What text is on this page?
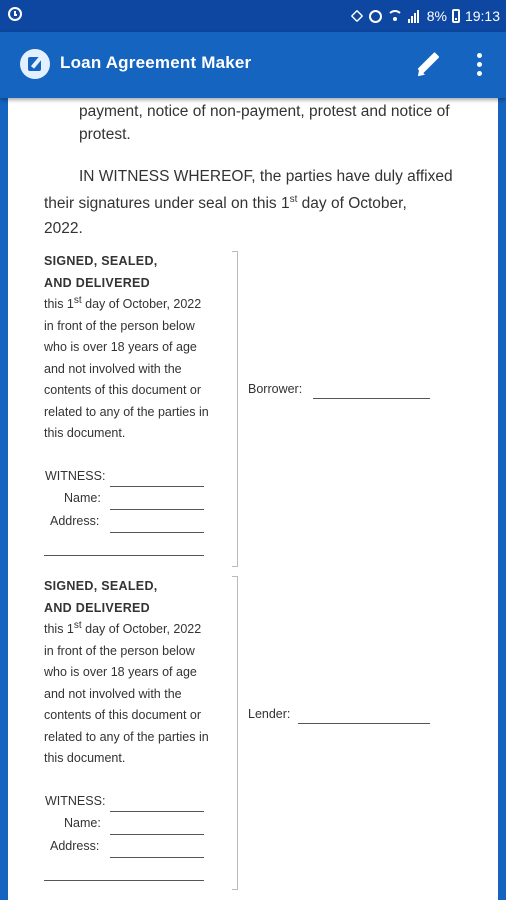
8% 19:13
Loan Agreement Maker
payment, notice of non-payment, protest and notice of protest.
IN WITNESS WHEREOF, the parties have duly affixed
their signatures under seal on this 1st day of October,
2022.
SIGNED, SEALED,
AND DELIVERED
this 1st day of October, 2022
in front of the person below
who is over 18 years of age
and not involved with the
contents of this document or
related to any of the parties in
this document.
WITNESS:
Name:
Address:
Borrower:
SIGNED, SEALED,
AND DELIVERED
this 1st day of October, 2022
in front of the person below
who is over 18 years of age
and not involved with the
contents of this document or
related to any of the parties in
this document.
WITNESS:
Name:
Address:
Lender:
